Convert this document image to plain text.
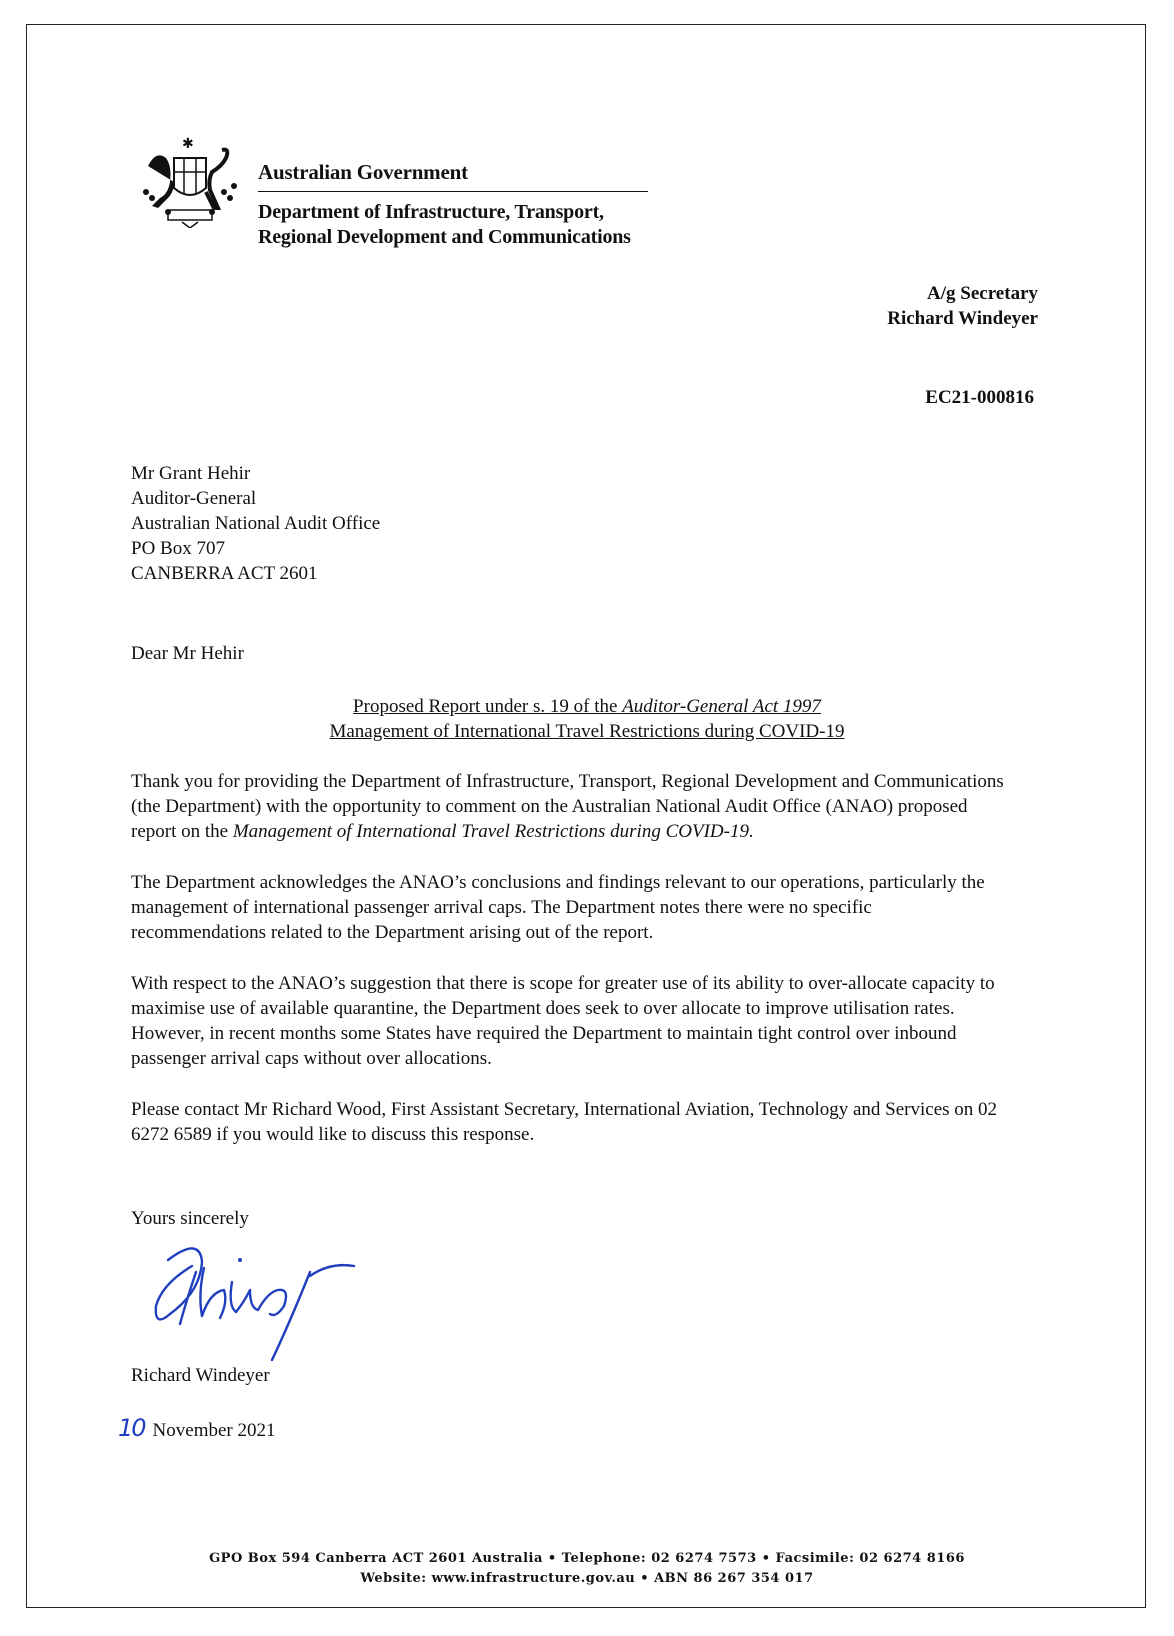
✱
Australian Government
Department of Infrastructure, Transport,
Regional Development and Communications
A/g Secretary
Richard Windeyer
EC21-000816
Mr Grant Hehir
Auditor-General
Australian National Audit Office
PO Box 707
CANBERRA ACT 2601
Dear Mr Hehir
Proposed Report under s. 19 of the Auditor-General Act 1997
Management of International Travel Restrictions during COVID-19

Thank you for providing the Department of Infrastructure, Transport, Regional Development and Communications (the Department) with the opportunity to comment on the Australian National Audit Office (ANAO) proposed report on the Management of International Travel Restrictions during COVID-19.

The Department acknowledges the ANAO’s conclusions and findings relevant to our operations, particularly the management of international passenger arrival caps. The Department notes there were no specific recommendations related to the Department arising out of the report.

With respect to the ANAO’s suggestion that there is scope for greater use of its ability to over-allocate capacity to maximise use of available quarantine, the Department does seek to over allocate to improve utilisation rates. However, in recent months some States have required the Department to maintain tight control over inbound passenger arrival caps without over allocations.

Please contact Mr Richard Wood, First Assistant Secretary, International Aviation, Technology and Services on 02 6272 6589 if you would like to discuss this response.

Yours sincerely
Richard Windeyer
10 November 2021
GPO Box 594 Canberra ACT 2601 Australia • Telephone: 02 6274 7573 • Facsimile: 02 6274 8166
Website: www.infrastructure.gov.au • ABN 86 267 354 017
